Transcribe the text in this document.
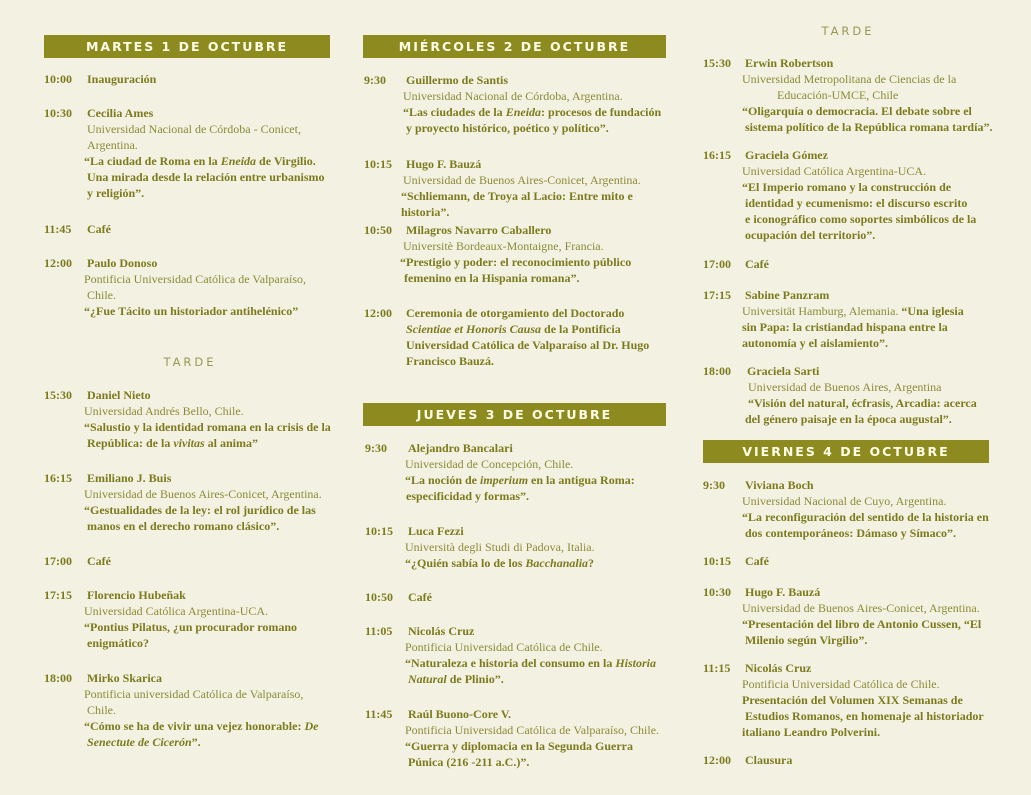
MARTES 1 DE OCTUBRE
10:00 Inauguración
10:30 Cecilia Ames
Universidad Nacional de Córdoba - Conicet,
Argentina.
“La ciudad de Roma en la Eneida de Virgilio.
Una mirada desde la relación entre urbanismo
y religión”.
11:45 Café
12:00 Paulo Donoso
Pontificia Universidad Católica de Valparaíso,
Chile.
“¿Fue Tácito un historiador antihelénico”
TARDE
15:30 Daniel Nieto
Universidad Andrés Bello, Chile.
“Salustio y la identidad romana en la crisis de la
República: de la vivitas al anima”
16:15 Emiliano J. Buis
Universidad de Buenos Aires-Conicet, Argentina.
“Gestualidades de la ley: el rol jurídico de las
manos en el derecho romano clásico”.
17:00 Café
17:15 Florencio Hubeñak
Universidad Católica Argentina-UCA.
“Pontius Pilatus, ¿un procurador romano
enigmático?
18:00 Mirko Skarica
Pontificia universidad Católica de Valparaíso,
Chile.
“Cómo se ha de vivir una vejez honorable: De
Senectute de Cicerón”.
MIÉRCOLES 2 DE OCTUBRE
9:30 Guillermo de Santis
Universidad Nacional de Córdoba, Argentina.
“Las ciudades de la Eneida: procesos de fundación
y proyecto histórico, poético y político”.
10:15 Hugo F. Bauzá
Universidad de Buenos Aires-Conicet, Argentina.
“Schliemann, de Troya al Lacio: Entre mito e historia”.
10:50 Milagros Navarro Caballero
Universitè Bordeaux-Montaigne, Francia.
“Prestigio y poder: el reconocimiento público
femenino en la Hispania romana”.
12:00 Ceremonia de otorgamiento del Doctorado
Scientiae et Honoris Causa de la Pontificia
Universidad Católica de Valparaíso al Dr. Hugo
Francisco Bauzá.
JUEVES 3 DE OCTUBRE
9:30 Alejandro Bancalari
Universidad de Concepción, Chile.
“La noción de imperium en la antigua Roma:
especificidad y formas”.
10:15 Luca Fezzi
Università degli Studi di Padova, Italia.
“¿Quién sabía lo de los Bacchanalia?
10:50 Café
11:05 Nicolás Cruz
Pontificia Universidad Católica de Chile.
“Naturaleza e historia del consumo en la Historia
Natural de Plinio”.
11:45 Raúl Buono-Core V.
Pontificia Universidad Católica de Valparaíso, Chile.
“Guerra y diplomacia en la Segunda Guerra
Púnica (216 -211 a.C.)”.
TARDE
15:30 Erwin Robertson
Universidad Metropolitana de Ciencias de la
Educación-UMCE, Chile
“Oligarquía o democracia. El debate sobre el
sistema político de la República romana tardía”.
16:15 Graciela Gómez
Universidad Católica Argentina-UCA.
“El Imperio romano y la construcción de
identidad y ecumenismo: el discurso escrito
e iconográfico como soportes simbólicos de la
ocupación del territorio”.
17:00 Café
17:15 Sabine Panzram
Universität Hamburg, Alemania. “Una iglesia
sin Papa: la cristiandad hispana entre la
autonomía y el aislamiento”.
18:00 Graciela Sarti
Universidad de Buenos Aires, Argentina
“Visión del natural, écfrasis, Arcadia: acerca
del género paisaje en la época augustal”.
VIERNES 4 DE OCTUBRE
9:30 Viviana Boch
Universidad Nacional de Cuyo, Argentina.
“La reconfiguración del sentido de la historia en
dos contemporáneos: Dámaso y Símaco”.
10:15 Café
10:30 Hugo F. Bauzá
Universidad de Buenos Aires-Conicet, Argentina.
“Presentación del libro de Antonio Cussen, “El
Milenio según Virgilio”.
11:15 Nicolás Cruz
Pontificia Universidad Católica de Chile.
Presentación del Volumen XIX Semanas de
Estudios Romanos, en homenaje al historiador
italiano Leandro Polverini.
12:00 Clausura
